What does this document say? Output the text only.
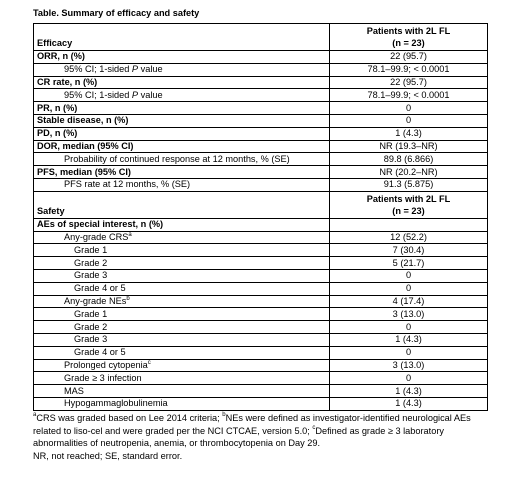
Table. Summary of efficacy and safety
Efficacy	Patients with 2L FL
(n = 23)

ORR, n (%)	22 (95.7)
95% CI; 1-sided P value	78.1–99.9; < 0.0001
CR rate, n (%)	22 (95.7)
95% CI; 1-sided P value	78.1–99.9; < 0.0001
PR, n (%)	0
Stable disease, n (%)	0
PD, n (%)	1 (4.3)
DOR, median (95% CI)	NR (19.3–NR)
Probability of continued response at 12 months, % (SE)	89.8 (6.866)
PFS, median (95% CI)	NR (20.2–NR)
PFS rate at 12 months, % (SE)	91.3 (5.875)
Safety	Patients with 2L FL
(n = 23)

AEs of special interest, n (%)	
Any-grade CRS$^a$	12 (52.2)
Grade 1	7 (30.4)
Grade 2	5 (21.7)
Grade 3	0
Grade 4 or 5	0
Any-grade NEs$^b$	4 (17.4)
Grade 1	3 (13.0)
Grade 2	0
Grade 3	1 (4.3)
Grade 4 or 5	0
Prolonged cytopenia$^c$	3 (13.0)
Grade ≥ 3 infection	0
MAS	1 (4.3)
Hypogammaglobulinemia	1 (4.3)
$^a$CRS was graded based on Lee 2014 criteria; $^b$NEs were defined as investigator-identified neurological AEs related to liso-cel and were graded per the NCI CTCAE, version 5.0; $^c$Defined as grade ≥ 3 laboratory abnormalities of neutropenia, anemia, or thrombocytopenia on Day 29.
NR, not reached; SE, standard error.
